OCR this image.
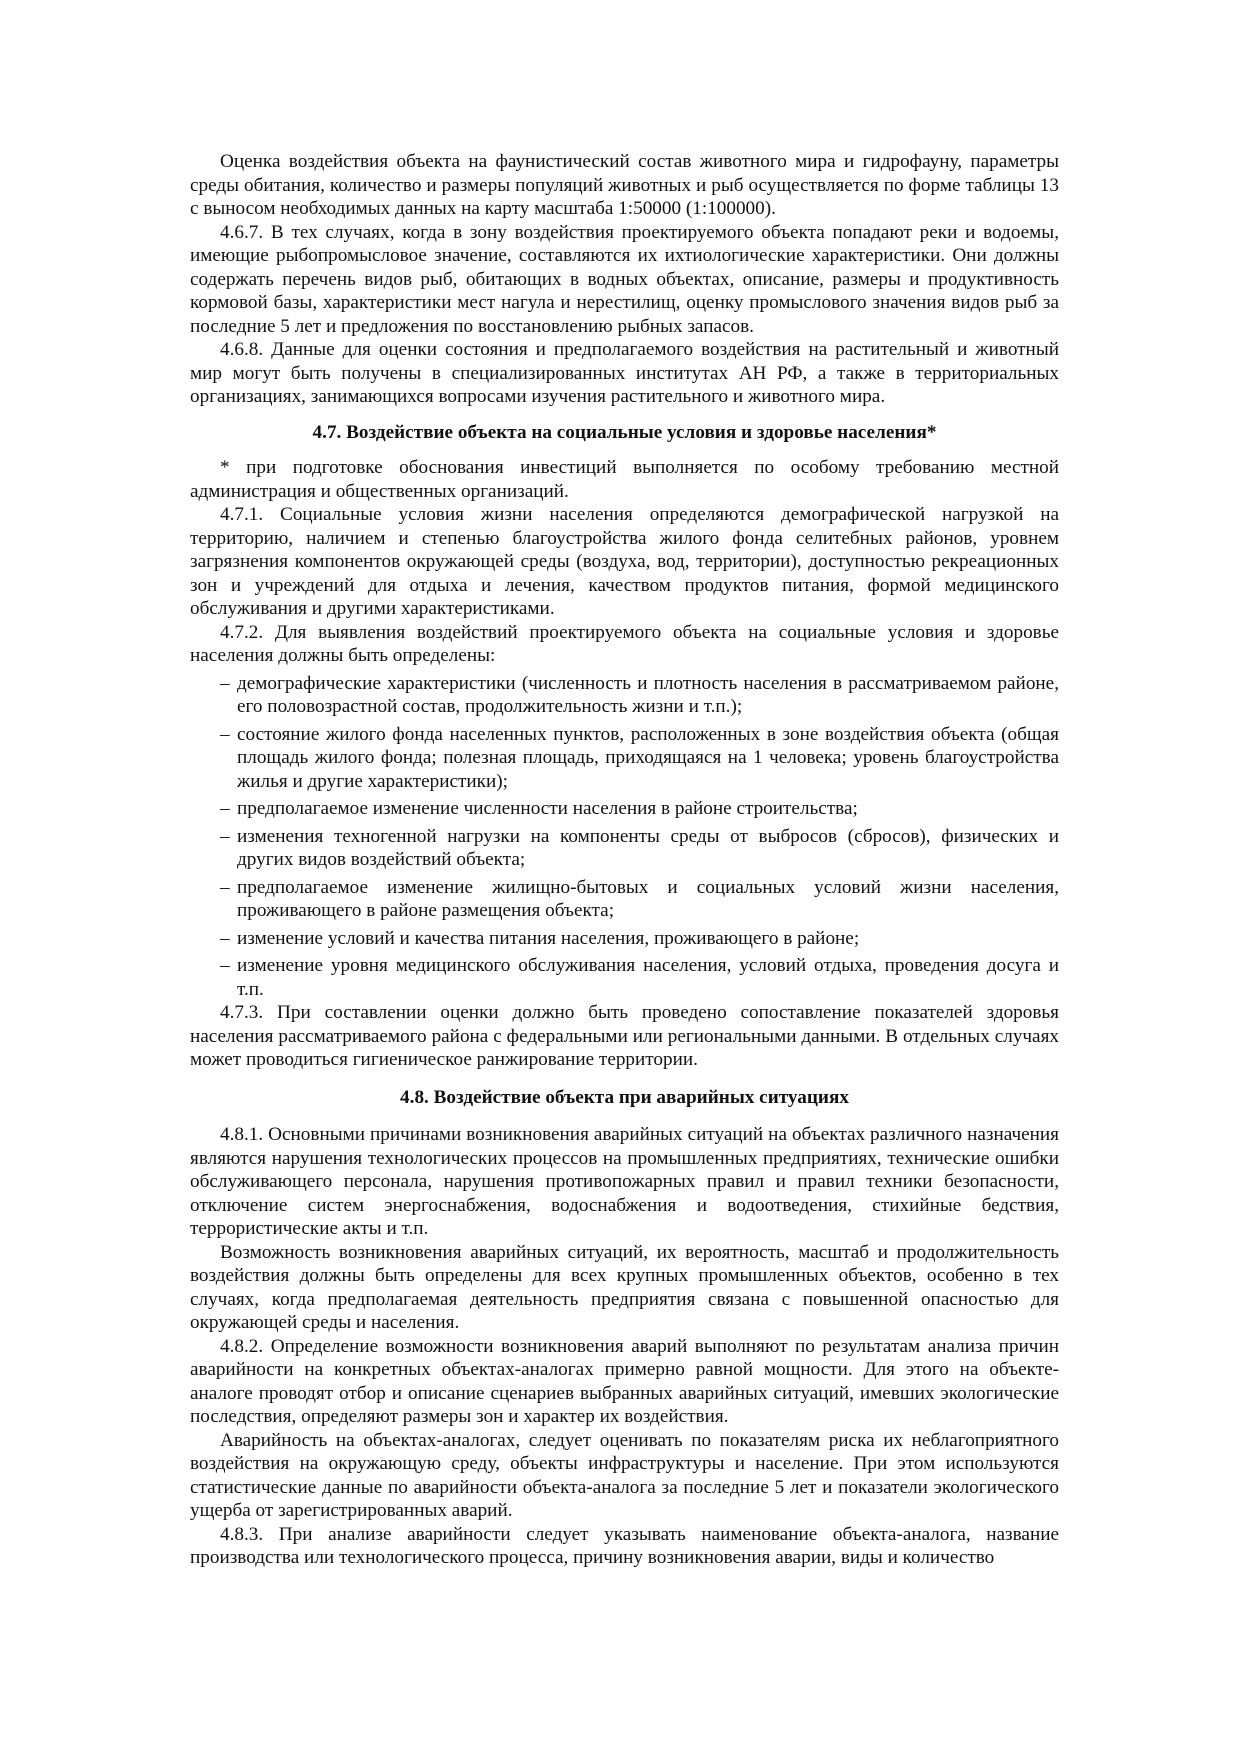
Оценка воздействия объекта на фаунистический состав животного мира и гидрофауну, параметры среды обитания, количество и размеры популяций животных и рыб осуществляется по форме таблицы 13 с выносом необходимых данных на карту масштаба 1:50000 (1:100000).

4.6.7. В тех случаях, когда в зону воздействия проектируемого объекта попадают реки и водоемы, имеющие рыбопромысловое значение, составляются их ихтиологические характеристики. Они должны содержать перечень видов рыб, обитающих в водных объектах, описание, размеры и продуктивность кормовой базы, характеристики мест нагула и нерестилищ, оценку промыслового значения видов рыб за последние 5 лет и предложения по восстановлению рыбных запасов.

4.6.8. Данные для оценки состояния и предполагаемого воздействия на растительный и животный мир могут быть получены в специализированных институтах АН РФ, а также в территориальных организациях, занимающихся вопросами изучения растительного и животного мира.

4.7. Воздействие объекта на социальные условия и здоровье населения*

* при подготовке обоснования инвестиций выполняется по особому требованию местной администрация и общественных организаций.

4.7.1. Социальные условия жизни населения определяются демографической нагрузкой на территорию, наличием и степенью благоустройства жилого фонда селитебных районов, уровнем загрязнения компонентов окружающей среды (воздуха, вод, территории), доступностью рекреационных зон и учреждений для отдыха и лечения, качеством продуктов питания, формой медицинского обслуживания и другими характеристиками.

4.7.2. Для выявления воздействий проектируемого объекта на социальные условия и здоровье населения должны быть определены:

– демографические характеристики (численность и плотность населения в рассматриваемом районе, его половозрастной состав, продолжительность жизни и т.п.);
– состояние жилого фонда населенных пунктов, расположенных в зоне воздействия объекта (общая площадь жилого фонда; полезная площадь, приходящаяся на 1 человека; уровень благоустройства жилья и другие характеристики);
– предполагаемое изменение численности населения в районе строительства;
– изменения техногенной нагрузки на компоненты среды от выбросов (сбросов), физических и других видов воздействий объекта;
– предполагаемое изменение жилищно-бытовых и социальных условий жизни населения, проживающего в районе размещения объекта;
– изменение условий и качества питания населения, проживающего в районе;
– изменение уровня медицинского обслуживания населения, условий отдыха, проведения досуга и т.п.

4.7.3. При составлении оценки должно быть проведено сопоставление показателей здоровья населения рассматриваемого района с федеральными или региональными данными. В отдельных случаях может проводиться гигиеническое ранжирование территории.

4.8. Воздействие объекта при аварийных ситуациях

4.8.1. Основными причинами возникновения аварийных ситуаций на объектах различного назначения являются нарушения технологических процессов на промышленных предприятиях, технические ошибки обслуживающего персонала, нарушения противопожарных правил и правил техники безопасности, отключение систем энергоснабжения, водоснабжения и водоотведения, стихийные бедствия, террористические акты и т.п.

Возможность возникновения аварийных ситуаций, их вероятность, масштаб и продолжительность воздействия должны быть определены для всех крупных промышленных объектов, особенно в тех случаях, когда предполагаемая деятельность предприятия связана с повышенной опасностью для окружающей среды и населения.

4.8.2. Определение возможности возникновения аварий выполняют по результатам анализа причин аварийности на конкретных объектах-аналогах примерно равной мощности. Для этого на объекте-аналоге проводят отбор и описание сценариев выбранных аварийных ситуаций, имевших экологические последствия, определяют размеры зон и характер их воздействия.

Аварийность на объектах-аналогах, следует оценивать по показателям риска их неблагоприятного воздействия на окружающую среду, объекты инфраструктуры и население. При этом используются статистические данные по аварийности объекта-аналога за последние 5 лет и показатели экологического ущерба от зарегистрированных аварий.

4.8.3. При анализе аварийности следует указывать наименование объекта-аналога, название производства или технологического процесса, причину возникновения аварии, виды и количество
